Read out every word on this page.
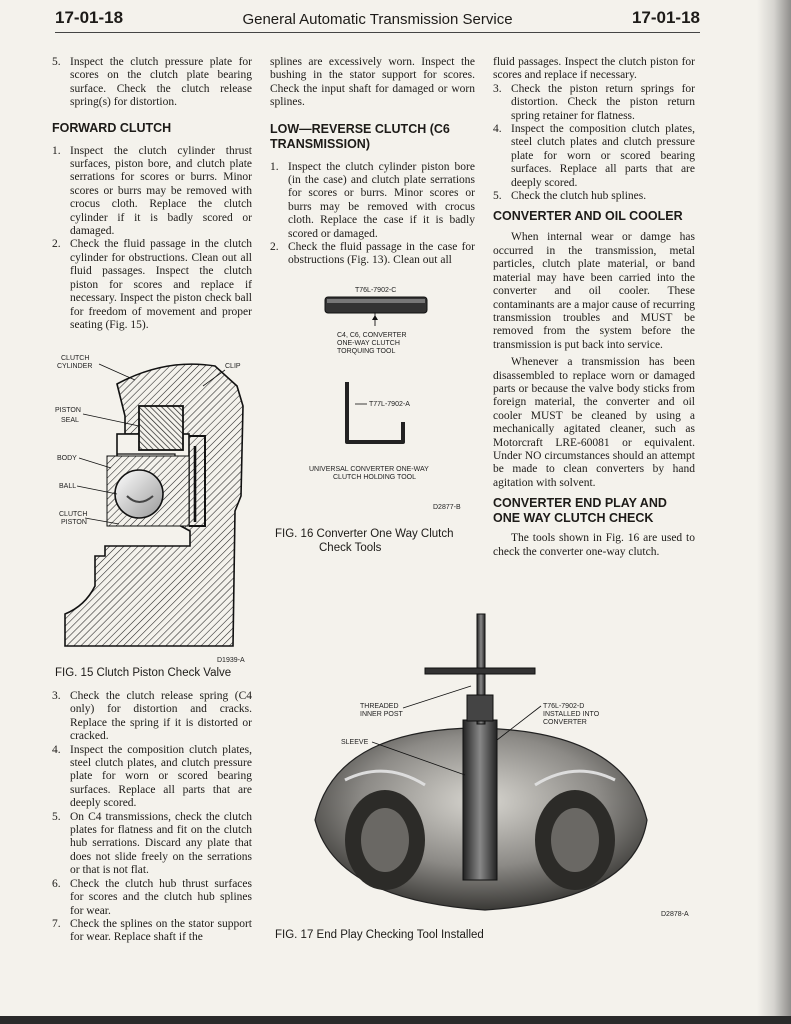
17-01-18	General Automatic Transmission Service	17-01-18
5. Inspect the clutch pressure plate for scores on the clutch plate bearing surface. Check the clutch release spring(s) for distortion.
FORWARD CLUTCH
1. Inspect the clutch cylinder thrust surfaces, piston bore, and clutch plate serrations for scores or burrs. Minor scores or burrs may be removed with crocus cloth. Replace the clutch cylinder if it is badly scored or damaged.
2. Check the fluid passage in the clutch cylinder for obstructions. Clean out all fluid passages. Inspect the clutch piston for scores and replace if necessary. Inspect the piston check ball for freedom of movement and proper seating (Fig. 15).
CLUTCH
CYLINDER	CLIP
PISTON
SEAL
BODY
BALL
CLUTCH
PISTON
D1939-A
FIG. 15 Clutch Piston Check Valve
3. Check the clutch release spring (C4 only) for distortion and cracks. Replace the spring if it is distorted or cracked.
4. Inspect the composition clutch plates, steel clutch plates, and clutch pressure plate for worn or scored bearing surfaces. Replace all parts that are deeply scored.
5. On C4 transmissions, check the clutch plates for flatness and fit on the clutch hub serrations. Discard any plate that does not slide freely on the serrations or that is not flat.
6. Check the clutch hub thrust surfaces for scores and the clutch hub splines for wear.
7. Check the splines on the stator support for wear. Replace shaft if the

splines are excessively worn. Inspect the bushing in the stator support for scores. Check the input shaft for damaged or worn splines.

LOW—REVERSE CLUTCH (C6 TRANSMISSION)
1. Inspect the clutch cylinder piston bore (in the case) and clutch plate serrations for scores or burrs. Minor scores or burrs may be removed with crocus cloth. Replace the case if it is badly scored or damaged.
2. Check the fluid passage in the case for obstructions (Fig. 13). Clean out all
T76L-7902-C
C4, C6, CONVERTER
ONE-WAY CLUTCH
TORQUING TOOL
T77L-7902-A
UNIVERSAL CONVERTER ONE-WAY
CLUTCH HOLDING TOOL
D2877-B
FIG. 16 Converter One Way Clutch
Check Tools

fluid passages. Inspect the clutch piston for scores and replace if necessary.

3. Check the piston return springs for distortion. Check the piston return spring retainer for flatness.
4. Inspect the composition clutch plates, steel clutch plates and clutch pressure plate for worn or scored bearing surfaces. Replace all parts that are deeply scored.
5. Check the clutch hub splines.
CONVERTER AND OIL COOLER

When internal wear or damge has occurred in the transmission, metal particles, clutch plate material, or band material may have been carried into the converter and oil cooler. These contaminants are a major cause of recurring transmission troubles and MUST be removed from the system before the transmission is put back into service.

Whenever a transmission has been disassembled to replace worn or damaged parts or because the valve body sticks from foreign material, the converter and oil cooler MUST be cleaned by using a mechanically agitated cleaner, such as Motorcraft LRE-60081 or equivalent. Under NO circumstances should an attempt be made to clean converters by hand agitation with solvent.

CONVERTER END PLAY AND ONE WAY CLUTCH CHECK

The tools shown in Fig. 16 are used to check the converter one-way clutch.

THREADED
INNER POST
SLEEVE
T76L-7902-D
INSTALLED INTO
CONVERTER
D2878-A
FIG. 17 End Play Checking Tool Installed
